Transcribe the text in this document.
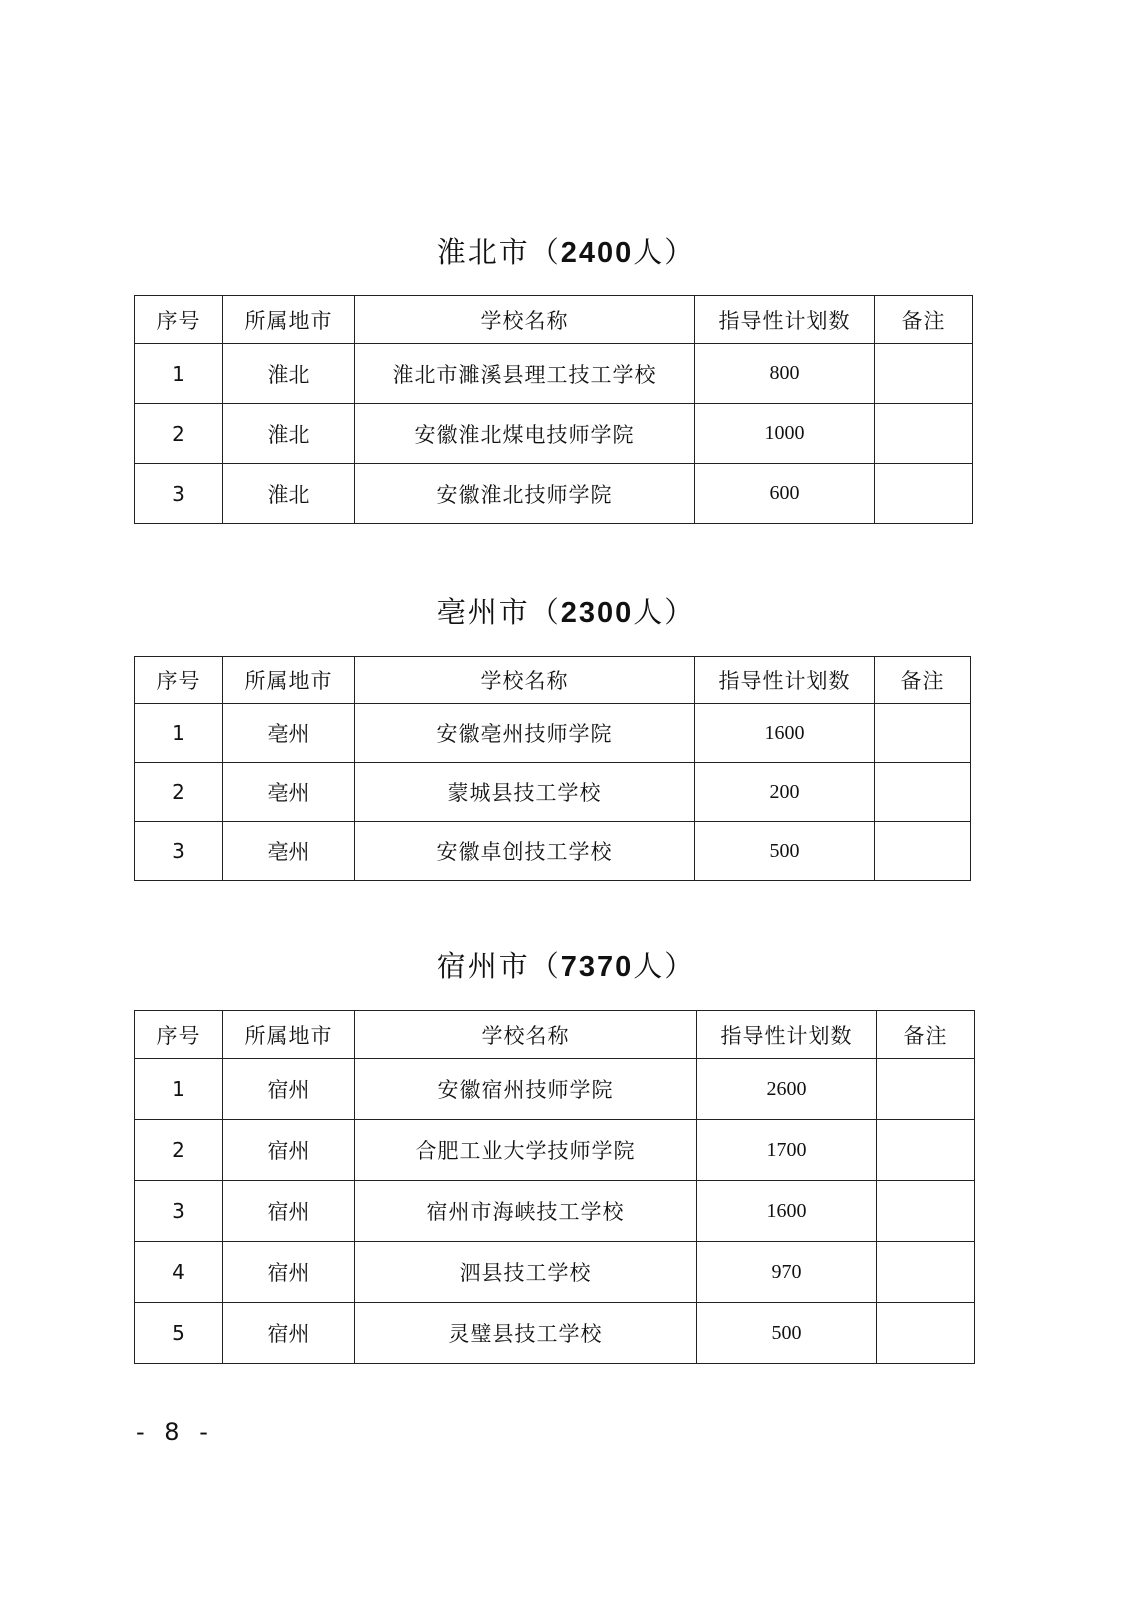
淮北市（2400人）
序号	所属地市	学校名称	指导性计划数	备注
1	淮北	淮北市濉溪县理工技工学校	800	
2	淮北	安徽淮北煤电技师学院	1000	
3	淮北	安徽淮北技师学院	600	
亳州市（2300人）
序号	所属地市	学校名称	指导性计划数	备注
1	亳州	安徽亳州技师学院	1600	
2	亳州	蒙城县技工学校	200	
3	亳州	安徽卓创技工学校	500	
宿州市（7370人）
序号	所属地市	学校名称	指导性计划数	备注
1	宿州	安徽宿州技师学院	2600	
2	宿州	合肥工业大学技师学院	1700	
3	宿州	宿州市海峡技工学校	1600	
4	宿州	泗县技工学校	970	
5	宿州	灵璧县技工学校	500	
- 8 -
